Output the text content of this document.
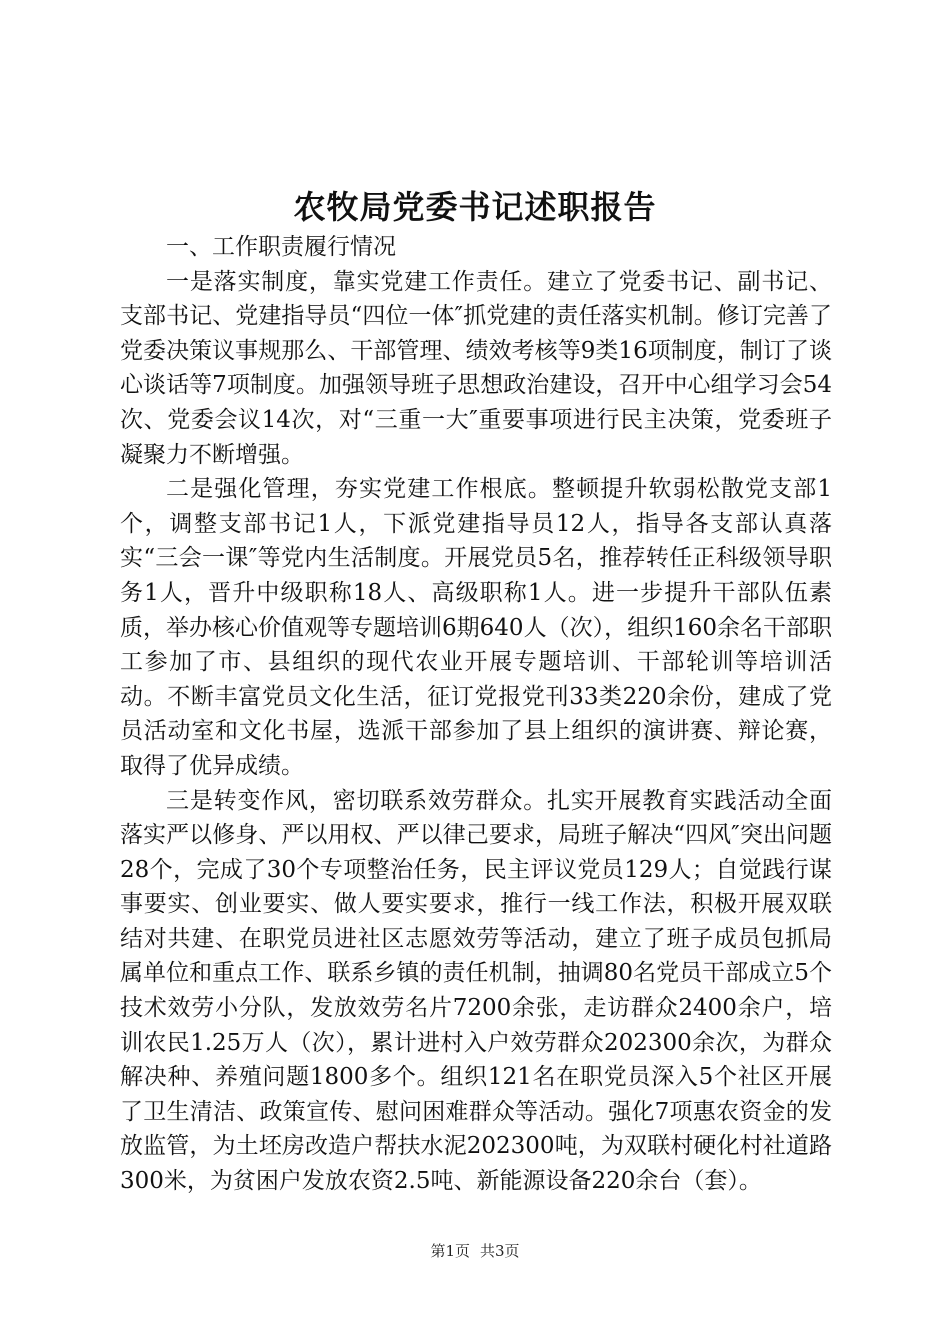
农牧局党委书记述职报告

一、工作职责履行情况

一是落实制度，靠实党建工作责任。建立了党委书记、副书记、支部书记、党建指导员“四位一体″抓党建的责任落实机制。修订完善了党委决策议事规那么、干部管理、绩效考核等9类16项制度，制订了谈心谈话等7项制度。加强领导班子思想政治建设，召开中心组学习会54次、党委会议14次，对“三重一大″重要事项进行民主决策，党委班子凝聚力不断增强。

二是强化管理，夯实党建工作根底。整顿提升软弱松散党支部1个，调整支部书记1人，下派党建指导员12人，指导各支部认真落实“三会一课″等党内生活制度。开展党员5名，推荐转任正科级领导职务1人，晋升中级职称18人、高级职称1人。进一步提升干部队伍素质，举办核心价值观等专题培训6期640人（次），组织160余名干部职工参加了市、县组织的现代农业开展专题培训、干部轮训等培训活动。不断丰富党员文化生活，征订党报党刊33类220余份，建成了党员活动室和文化书屋，选派干部参加了县上组织的演讲赛、辩论赛，取得了优异成绩。

三是转变作风，密切联系效劳群众。扎实开展教育实践活动全面落实严以修身、严以用权、严以律己要求，局班子解决“四风″突出问题28个，完成了30个专项整治任务，民主评议党员129人；自觉践行谋事要实、创业要实、做人要实要求，推行一线工作法，积极开展双联结对共建、在职党员进社区志愿效劳等活动，建立了班子成员包抓局属单位和重点工作、联系乡镇的责任机制，抽调80名党员干部成立5个技术效劳小分队，发放效劳名片7200余张，走访群众2400余户，培训农民1.25万人（次），累计进村入户效劳群众202300余次，为群众解决种、养殖问题1800多个。组织121名在职党员深入5个社区开展了卫生清洁、政策宣传、慰问困难群众等活动。强化7项惠农资金的发放监管，为土坯房改造户帮扶水泥202300吨，为双联村硬化村社道路300米，为贫困户发放农资2.5吨、新能源设备220余台（套）。

第1页 共3页
